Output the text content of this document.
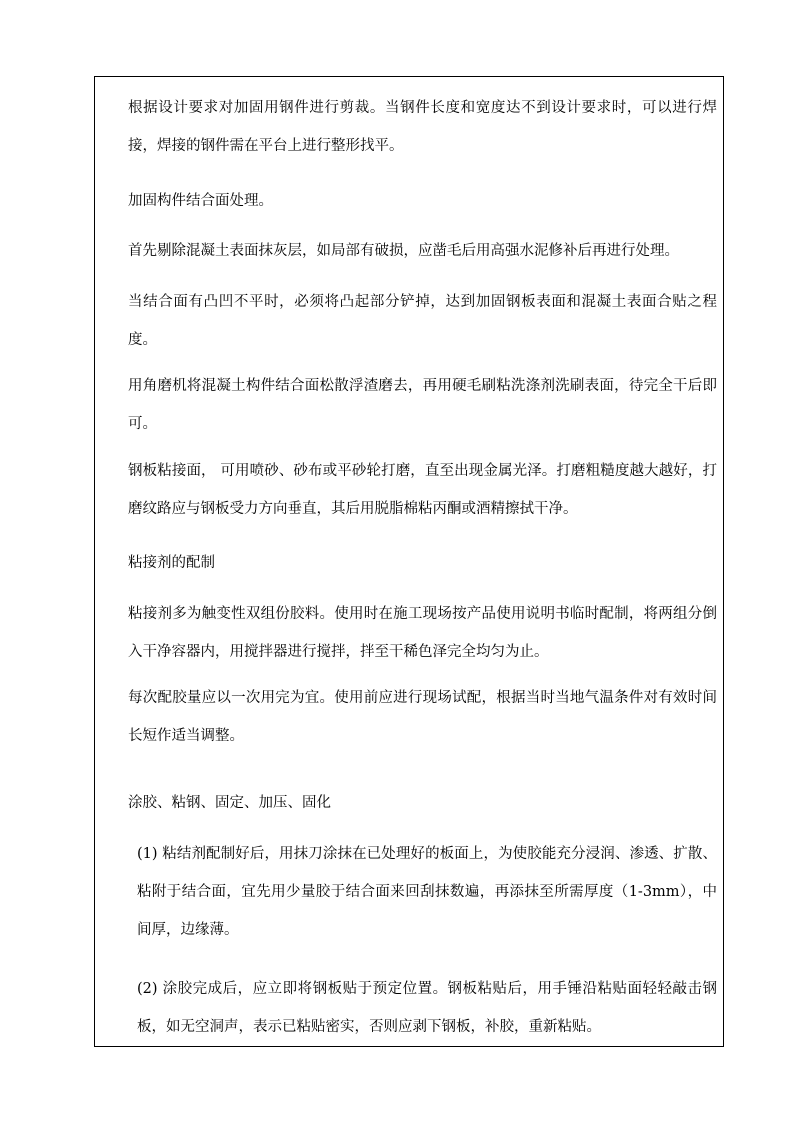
根据设计要求对加固用钢件进行剪裁。当钢件长度和宽度达不到设计要求时，可以进行焊接，焊接的钢件需在平台上进行整形找平。

加固构件结合面处理。

首先剔除混凝土表面抹灰层，如局部有破损，应凿毛后用高强水泥修补后再进行处理。

当结合面有凸凹不平时，必须将凸起部分铲掉，达到加固钢板表面和混凝土表面合贴之程度。

用角磨机将混凝土构件结合面松散浮渣磨去，再用硬毛刷粘洗涤剂洗刷表面，待完全干后即可。

钢板粘接面， 可用喷砂、砂布或平砂轮打磨，直至出现金属光泽。打磨粗糙度越大越好，打磨纹路应与钢板受力方向垂直，其后用脱脂棉粘丙酮或酒精擦拭干净。

粘接剂的配制

粘接剂多为触变性双组份胶料。使用时在施工现场按产品使用说明书临时配制，将两组分倒入干净容器内，用搅拌器进行搅拌，拌至干稀色泽完全均匀为止。

每次配胶量应以一次用完为宜。使用前应进行现场试配，根据当时当地气温条件对有效时间长短作适当调整。

涂胶、粘钢、固定、加压、固化

(1) 粘结剂配制好后，用抹刀涂抹在已处理好的板面上，为使胶能充分浸润、渗透、扩散、粘附于结合面，宜先用少量胶于结合面来回刮抹数遍，再添抹至所需厚度（1-3mm），中间厚，边缘薄。

(2) 涂胶完成后，应立即将钢板贴于预定位置。钢板粘贴后，用手锤沿粘贴面轻轻敲击钢板，如无空洞声，表示已粘贴密实，否则应剥下钢板，补胶，重新粘贴。
